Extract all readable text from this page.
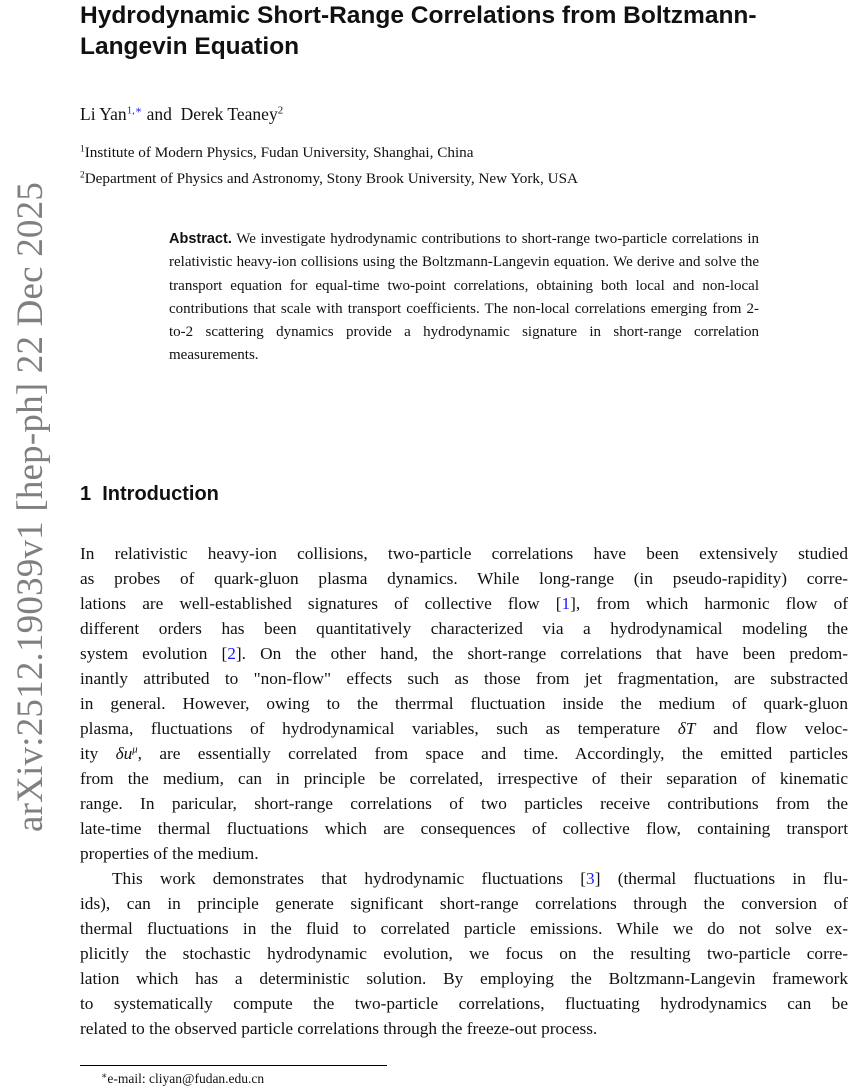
arXiv:2512.19039v1 [hep-ph] 22 Dec 2025
Hydrodynamic Short-Range Correlations from Boltzmann-
Langevin Equation
Li Yan$^{1,∗}$ and  Derek Teaney$^2$
$^1$Institute of Modern Physics, Fudan University, Shanghai, China
$^2$Department of Physics and Astronomy, Stony Brook University, New York, USA

Abstract. We investigate hydrodynamic contributions to short-range two-particle correlations in relativistic heavy-ion collisions using the Boltzmann-Langevin equation. We derive and solve the transport equation for equal-time two-point correlations, obtaining both local and non-local contributions that scale with transport coefficients. The non-local correlations emerging from 2-to-2 scattering dynamics provide a hydrodynamic signature in short-range correlation measurements.

1 Introduction
In relativistic heavy-ion collisions, two-particle correlations have been extensively studied
as probes of quark-gluon plasma dynamics. While long-range (in pseudo-rapidity) corre-
lations are well-established signatures of collective flow [1], from which harmonic flow of
different orders has been quantitatively characterized via a hydrodynamical modeling the
system evolution [2]. On the other hand, the short-range correlations that have been predom-
inantly attributed to "non-flow" effects such as those from jet fragmentation, are substracted
in general. However, owing to the therrmal fluctuation inside the medium of quark-gluon
plasma, fluctuations of hydrodynamical variables, such as temperature δT and flow veloc-
ity $\delta u^\mu$, are essentially correlated from space and time. Accordingly, the emitted particles
from the medium, can in principle be correlated, irrespective of their separation of kinematic
range. In paricular, short-range correlations of two particles receive contributions from the
late-time thermal fluctuations which are consequences of collective flow, containing transport
properties of the medium.
This work demonstrates that hydrodynamic fluctuations [3] (thermal fluctuations in flu-
ids), can in principle generate significant short-range correlations through the conversion of
thermal fluctuations in the fluid to correlated particle emissions. While we do not solve ex-
plicitly the stochastic hydrodynamic evolution, we focus on the resulting two-particle corre-
lation which has a deterministic solution. By employing the Boltzmann-Langevin framework
to systematically compute the two-particle correlations, fluctuating hydrodynamics can be
related to the observed particle correlations through the freeze-out process.
∗e-mail: cliyan@fudan.edu.cn
